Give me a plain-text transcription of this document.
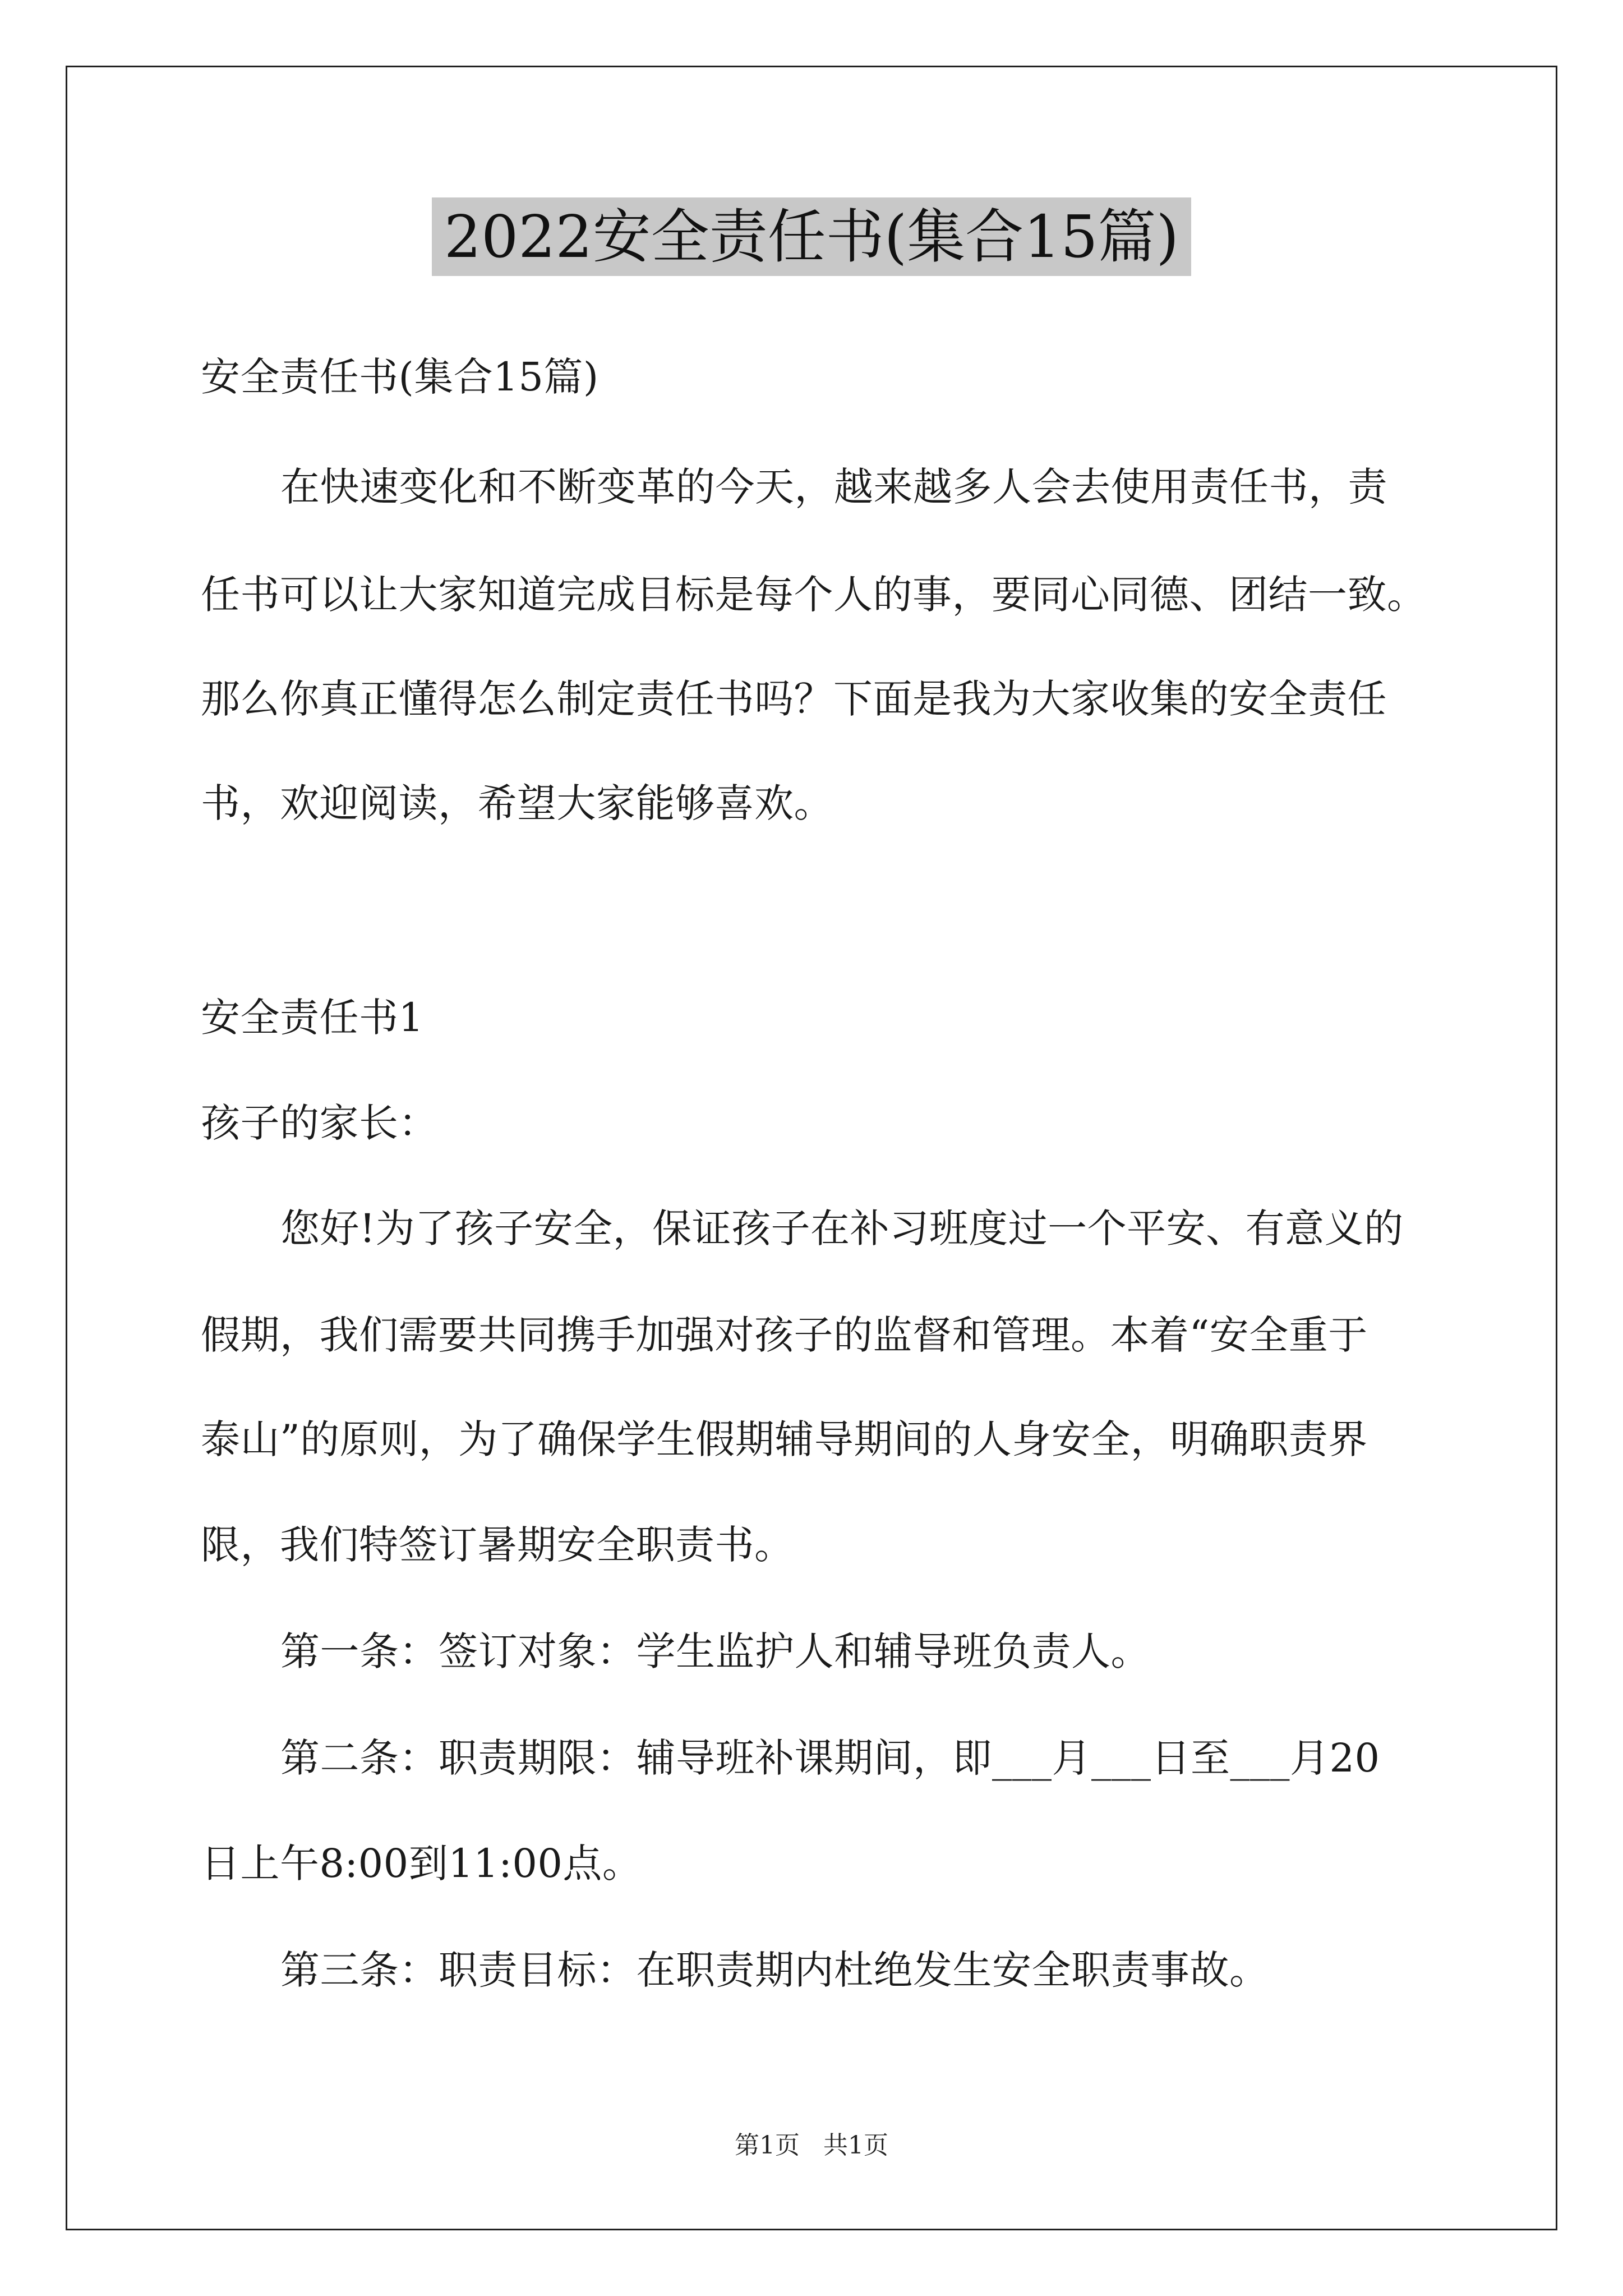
2022安全责任书(集合15篇)
安全责任书(集合15篇)
在快速变化和不断变革的今天，越来越多人会去使用责任书，责
任书可以让大家知道完成目标是每个人的事，要同心同德、团结一致。
那么你真正懂得怎么制定责任书吗？下面是我为大家收集的安全责任
书，欢迎阅读，希望大家能够喜欢。
安全责任书1
孩子的家长：
您好!为了孩子安全，保证孩子在补习班度过一个平安、有意义的
假期，我们需要共同携手加强对孩子的监督和管理。本着“安全重于
泰山”的原则，为了确保学生假期辅导期间的人身安全，明确职责界
限，我们特签订暑期安全职责书。
第一条：签订对象：学生监护人和辅导班负责人。
第二条：职责期限：辅导班补课期间，即___月___日至___月20
日上午8:00到11:00点。
第三条：职责目标：在职责期内杜绝发生安全职责事故。
第1页   共1页
